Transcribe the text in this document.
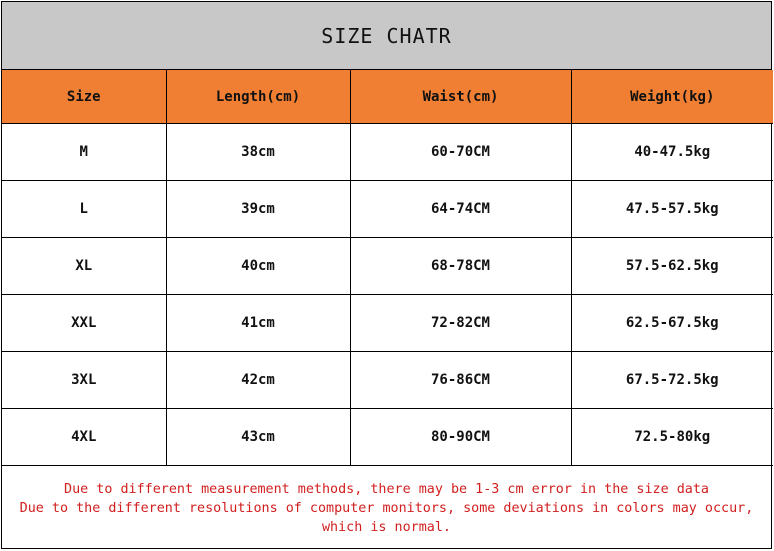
SIZE CHATR
Size	Length(cm)	Waist(cm)	Weight(kg)
M	38cm	60-70CM	40-47.5kg
L	39cm	64-74CM	47.5-57.5kg
XL	40cm	68-78CM	57.5-62.5kg
XXL	41cm	72-82CM	62.5-67.5kg
3XL	42cm	76-86CM	67.5-72.5kg
4XL	43cm	80-90CM	72.5-80kg
Due to different measurement methods, there may be 1-3 cm error in the size data
Due to the different resolutions of computer monitors, some deviations in colors may occur,
which is normal.
